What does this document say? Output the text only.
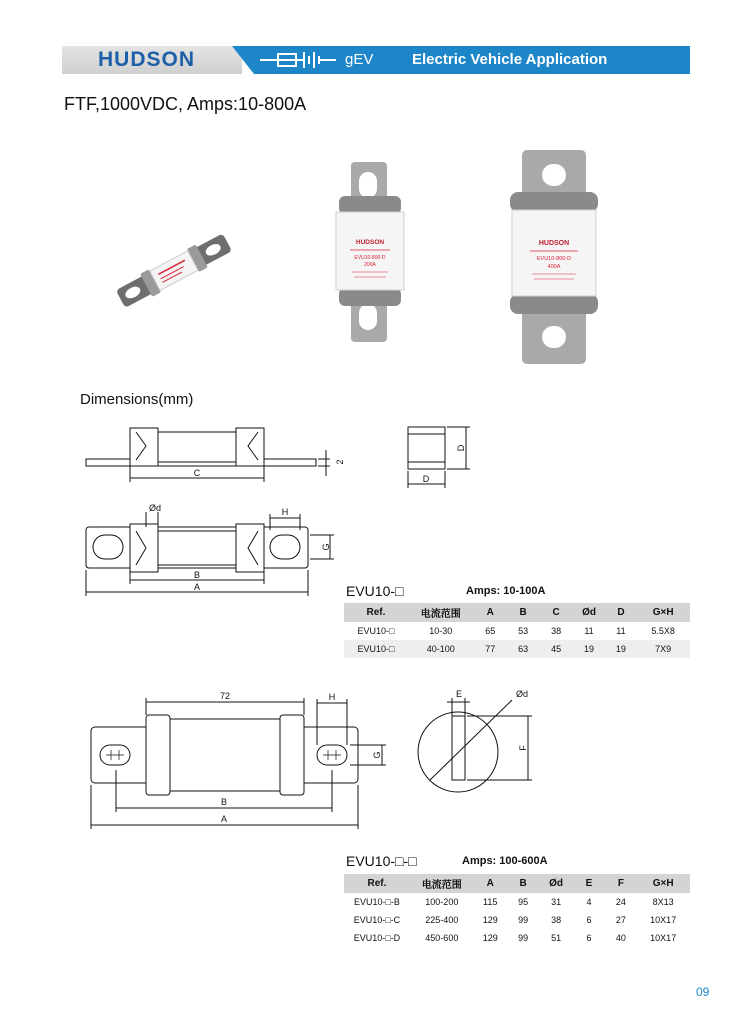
HUDSON	gEV	Electric Vehicle Application
FTF,1000VDC, Amps:10-800A
HUDSON
EVU10-800-D
200A
HUDSON
EVU10-800-D
400A
Dimensions(mm)
C
2
D
D
Ød	H
G
B
A
72	H
G
B
A
E	Ød
F
EVU10-□	Amps: 10-100A
Ref.	电流范围	A	B	C	Ød	D	G×H
EVU10-□	10-30	65	53	38	11	11	5.5X8
EVU10-□	40-100	77	63	45	19	19	7X9
EVU10-□-□	Amps: 100-600A
Ref.	电流范围	A	B	Ød	E	F	G×H
EVU10-□-B	100-200	115	95	31	4	24	8X13
EVU10-□-C	225-400	129	99	38	6	27	10X17
EVU10-□-D	450-600	129	99	51	6	40	10X17
09
